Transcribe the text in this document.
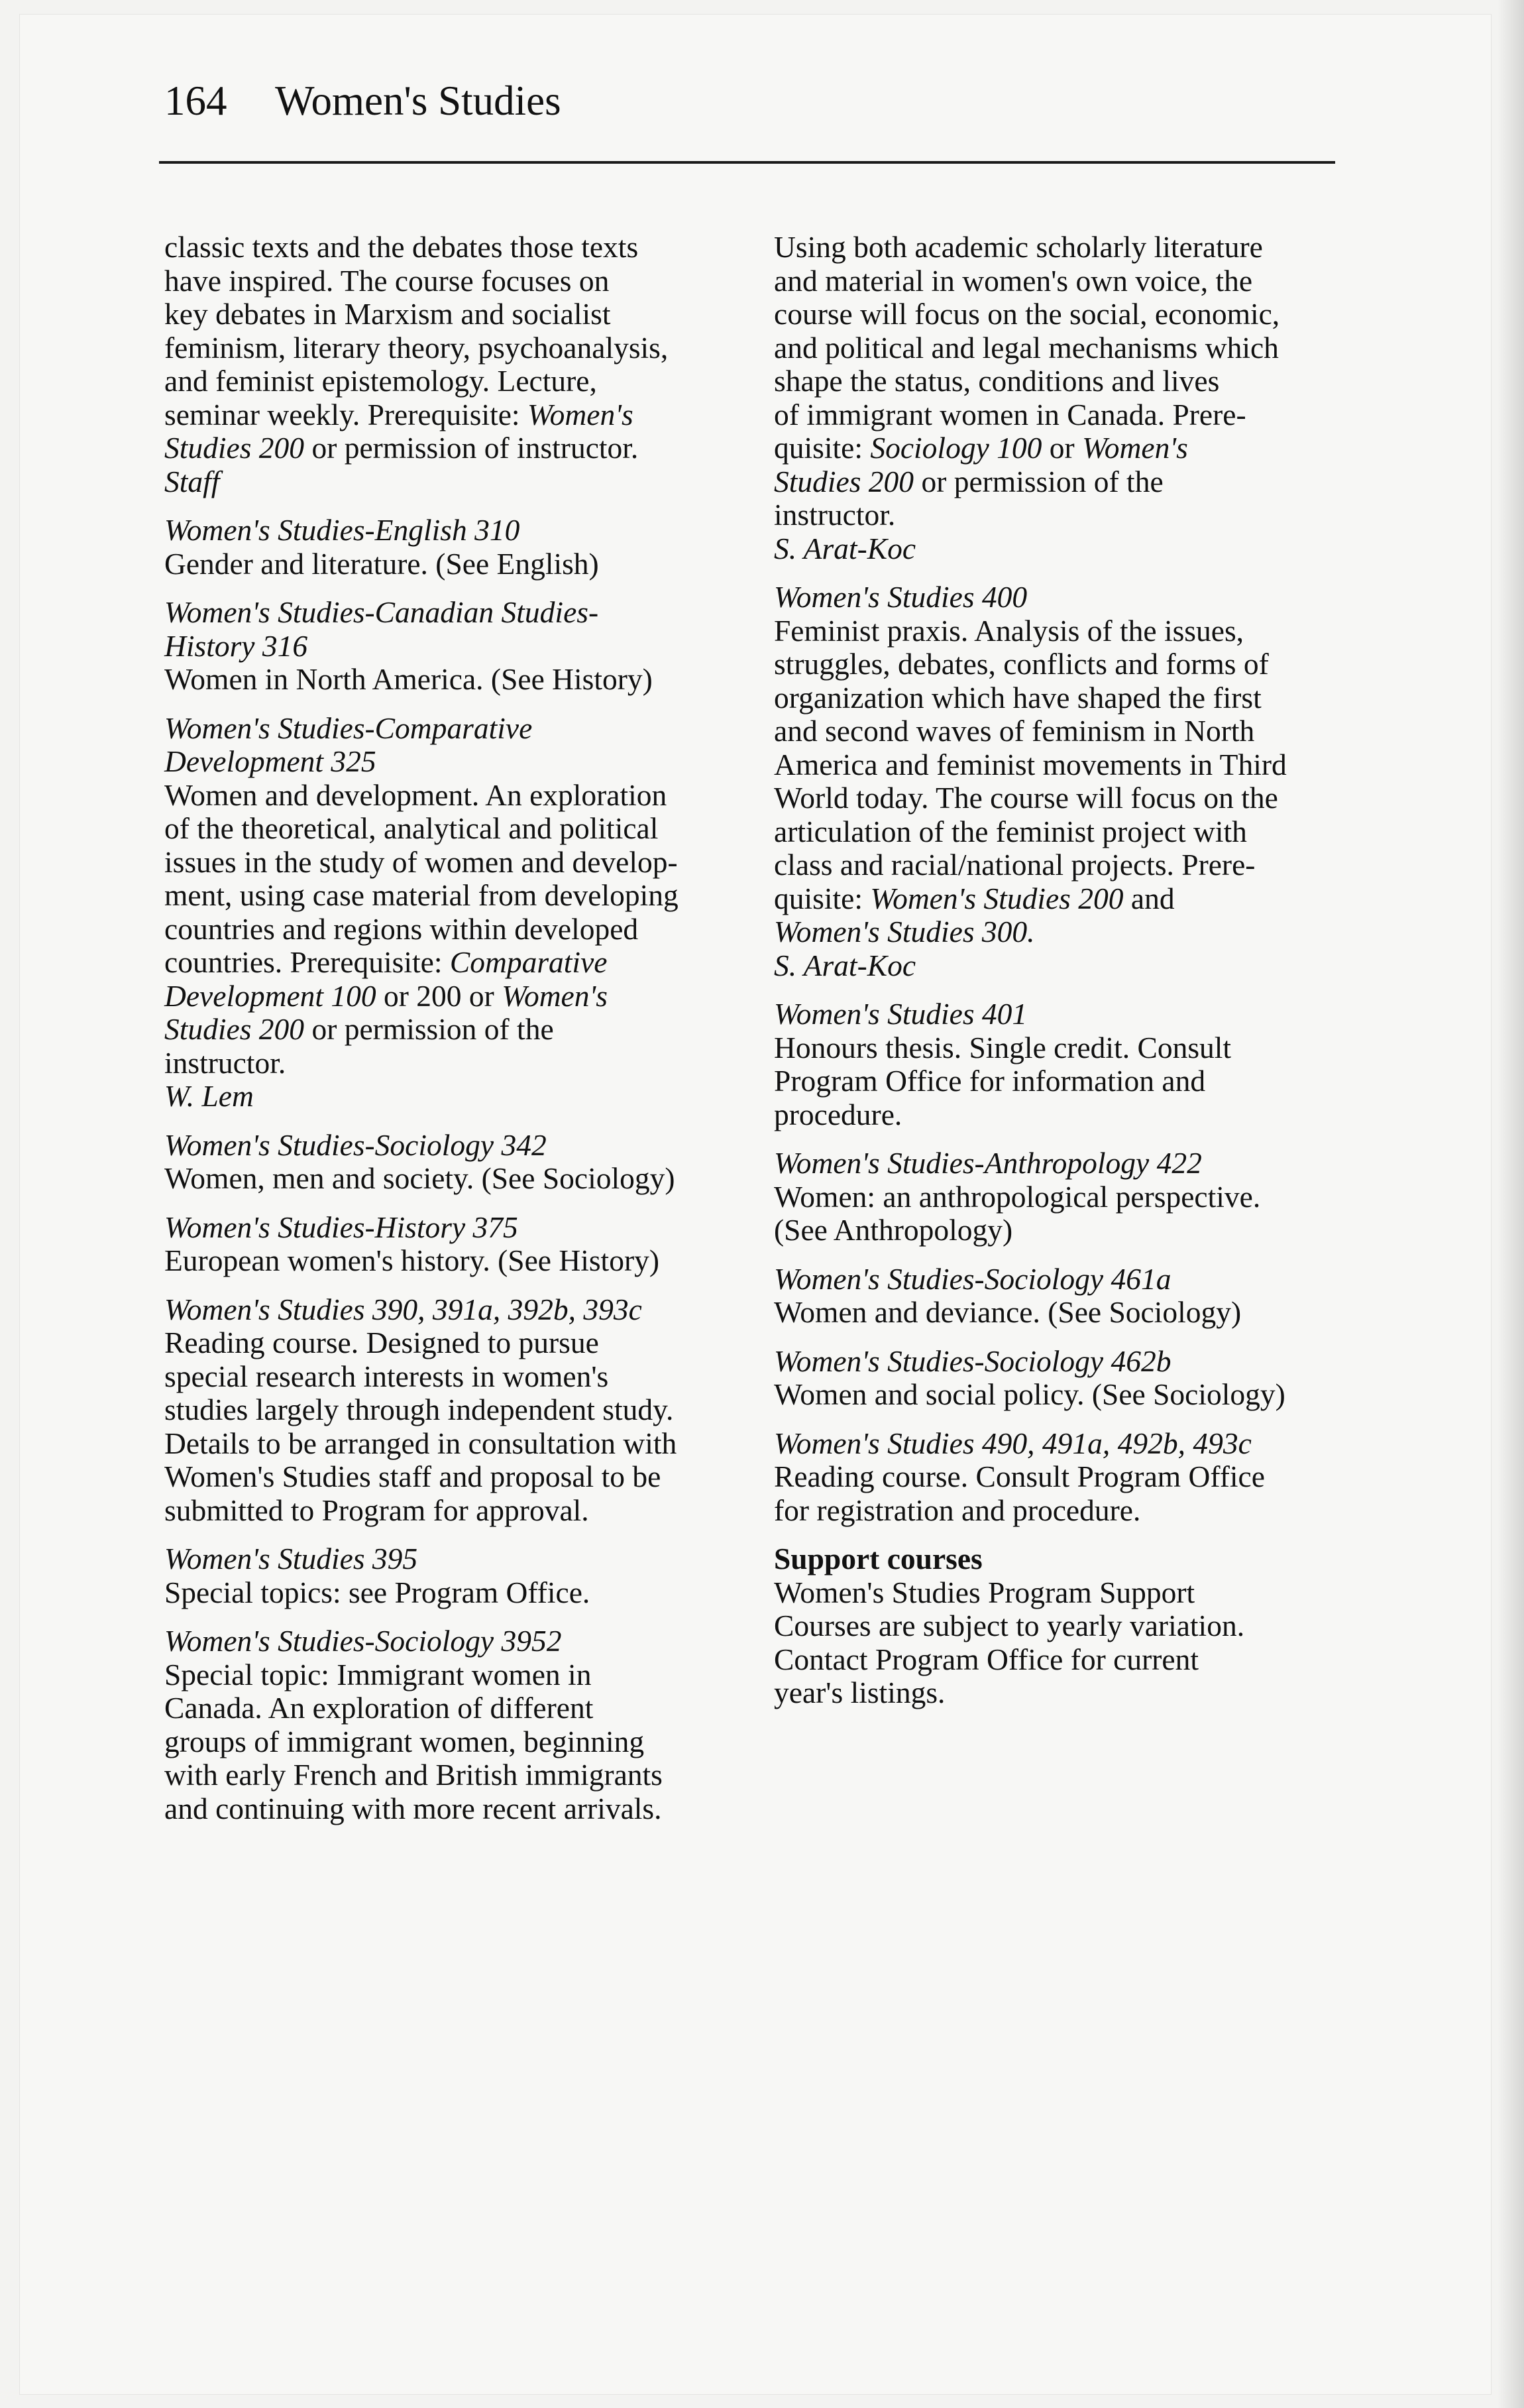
164 Women's Studies
classic texts and the debates those texts
have inspired. The course focuses on
key debates in Marxism and socialist
feminism, literary theory, psychoanalysis,
and feminist epistemology. Lecture,
seminar weekly. Prerequisite: Women's
Studies 200 or permission of instructor.
Staff
Women's Studies-English 310
Gender and literature. (See English)
Women's Studies-Canadian Studies-
History 316
Women in North America. (See History)
Women's Studies-Comparative
Development 325
Women and development. An exploration
of the theoretical, analytical and political
issues in the study of women and develop-
ment, using case material from developing
countries and regions within developed
countries. Prerequisite: Comparative
Development 100 or 200 or Women's
Studies 200 or permission of the
instructor.
W. Lem
Women's Studies-Sociology 342
Women, men and society. (See Sociology)
Women's Studies-History 375
European women's history. (See History)
Women's Studies 390, 391a, 392b, 393c
Reading course. Designed to pursue
special research interests in women's
studies largely through independent study.
Details to be arranged in consultation with
Women's Studies staff and proposal to be
submitted to Program for approval.
Women's Studies 395
Special topics: see Program Office.
Women's Studies-Sociology 3952
Special topic: Immigrant women in
Canada. An exploration of different
groups of immigrant women, beginning
with early French and British immigrants
and continuing with more recent arrivals.
Using both academic scholarly literature
and material in women's own voice, the
course will focus on the social, economic,
and political and legal mechanisms which
shape the status, conditions and lives
of immigrant women in Canada. Prere-
quisite: Sociology 100 or Women's
Studies 200 or permission of the
instructor.
S. Arat-Koc
Women's Studies 400
Feminist praxis. Analysis of the issues,
struggles, debates, conflicts and forms of
organization which have shaped the first
and second waves of feminism in North
America and feminist movements in Third
World today. The course will focus on the
articulation of the feminist project with
class and racial/national projects. Prere-
quisite: Women's Studies 200 and
Women's Studies 300.
S. Arat-Koc
Women's Studies 401
Honours thesis. Single credit. Consult
Program Office for information and
procedure.
Women's Studies-Anthropology 422
Women: an anthropological perspective.
(See Anthropology)
Women's Studies-Sociology 461a
Women and deviance. (See Sociology)
Women's Studies-Sociology 462b
Women and social policy. (See Sociology)
Women's Studies 490, 491a, 492b, 493c
Reading course. Consult Program Office
for registration and procedure.
Support courses
Women's Studies Program Support
Courses are subject to yearly variation.
Contact Program Office for current
year's listings.
